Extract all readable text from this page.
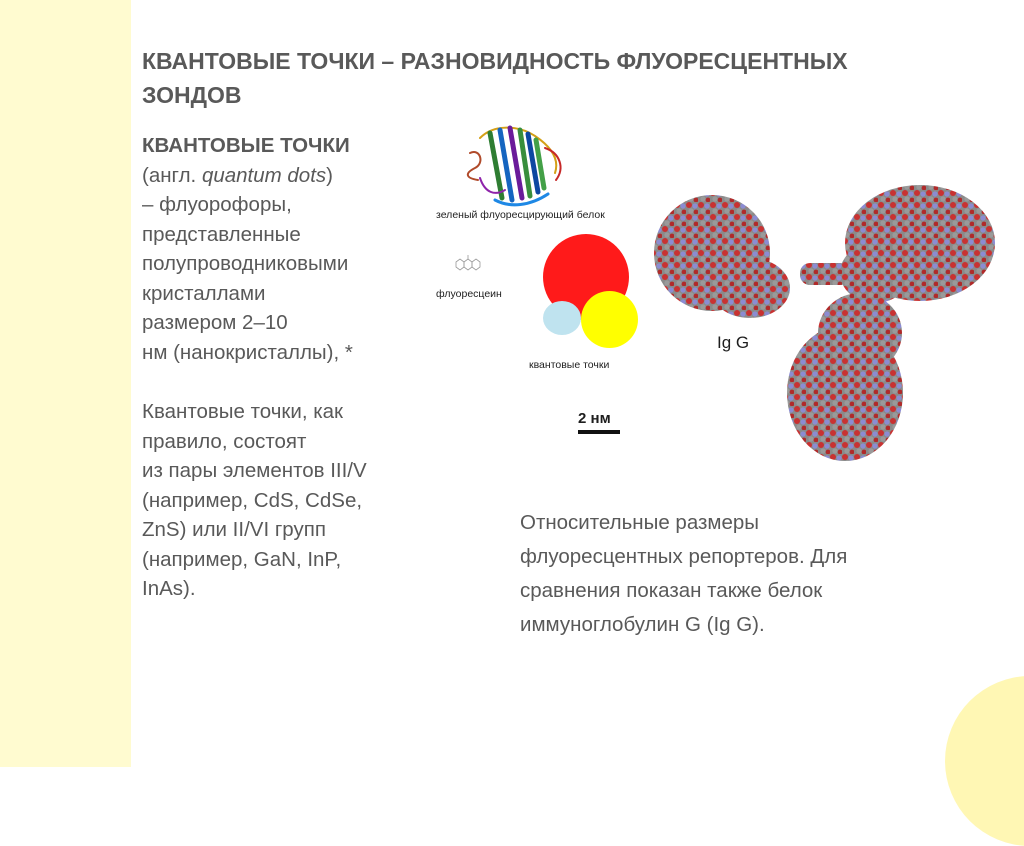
КВАНТОВЫЕ ТОЧКИ – РАЗНОВИДНОСТЬ ФЛУОРЕСЦЕНТНЫХ ЗОНДОВ
КВАНТОВЫЕ ТОЧКИ
(англ. quantum dots)
– флуорофоры,
представленные
полупроводниковыми
кристаллами
размером 2–10
нм (нанокристаллы), *
Квантовые точки, как
правило, состоят
из пары элементов III/V
(например, CdS, CdSe,
ZnS) или II/VI групп
(например, GaN, InP,
InAs).
зеленый флуоресцирующий белок
флуоресцеин
квантовые точки
Ig G
2 нм
Относительные размеры
флуоресцентных репортеров. Для
сравнения показан также белок
иммуноглобулин G (Ig G).
